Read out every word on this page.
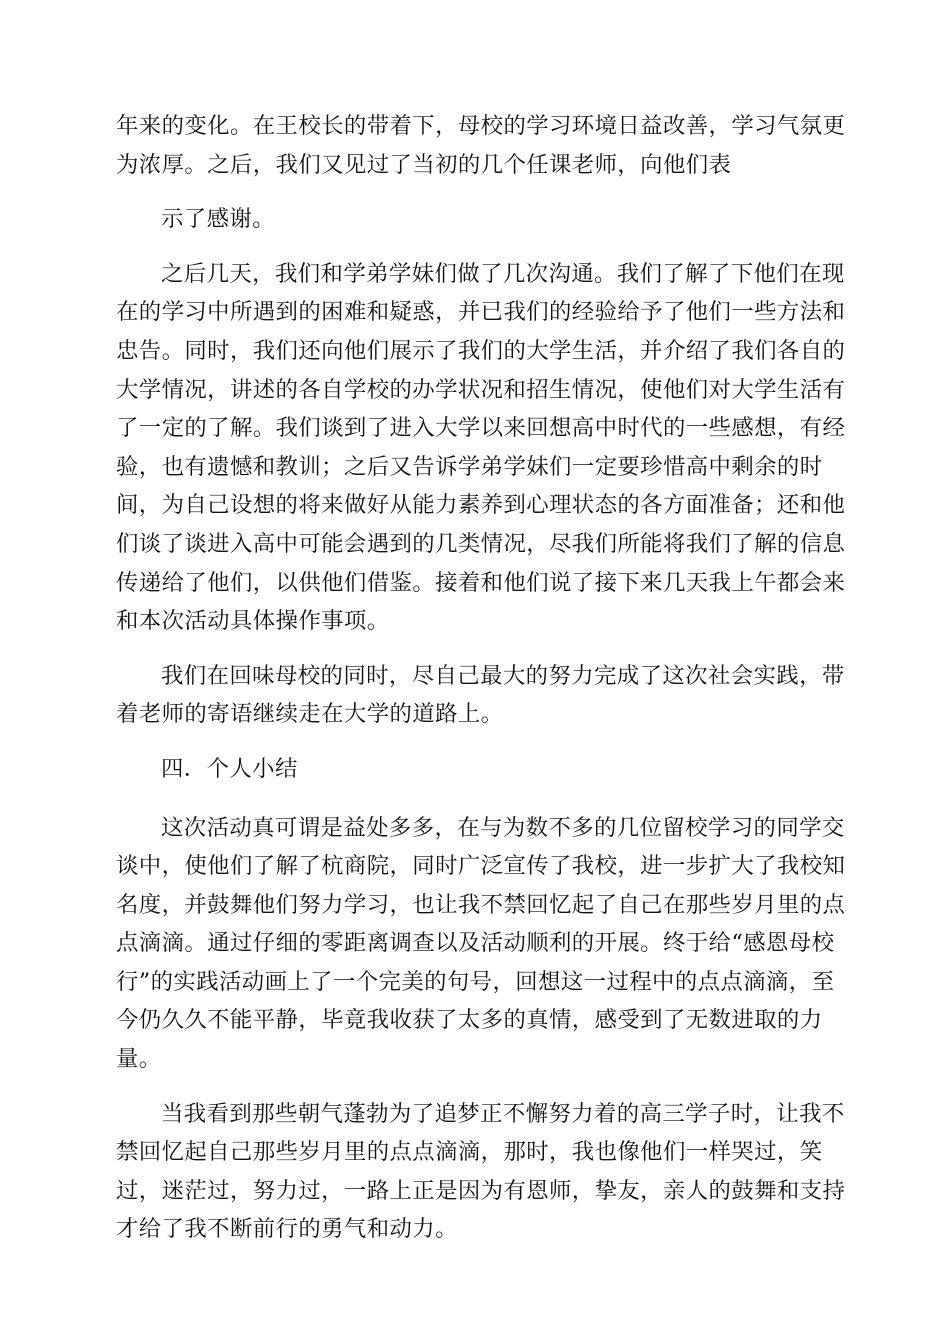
年来的变化。在王校长的带着下，母校的学习环境日益改善，学习气氛更
为浓厚。之后，我们又见过了当初的几个任课老师，向他们表
示了感谢。
之后几天，我们和学弟学妹们做了几次沟通。我们了解了下他们在现
在的学习中所遇到的困难和疑惑，并已我们的经验给予了他们一些方法和
忠告。同时，我们还向他们展示了我们的大学生活，并介绍了我们各自的
大学情况，讲述的各自学校的办学状况和招生情况，使他们对大学生活有
了一定的了解。我们谈到了进入大学以来回想高中时代的一些感想，有经
验，也有遗憾和教训；之后又告诉学弟学妹们一定要珍惜高中剩余的时
间，为自己设想的将来做好从能力素养到心理状态的各方面准备；还和他
们谈了谈进入高中可能会遇到的几类情况，尽我们所能将我们了解的信息
传递给了他们，以供他们借鉴。接着和他们说了接下来几天我上午都会来
和本次活动具体操作事项。
我们在回味母校的同时，尽自己最大的努力完成了这次社会实践，带
着老师的寄语继续走在大学的道路上。
四．个人小结
这次活动真可谓是益处多多，在与为数不多的几位留校学习的同学交
谈中，使他们了解了杭商院，同时广泛宣传了我校，进一步扩大了我校知
名度，并鼓舞他们努力学习，也让我不禁回忆起了自己在那些岁月里的点
点滴滴。通过仔细的零距离调查以及活动顺利的开展。终于给“感恩母校
行”的实践活动画上了一个完美的句号，回想这一过程中的点点滴滴，至
今仍久久不能平静，毕竟我收获了太多的真情，感受到了无数进取的力
量。
当我看到那些朝气蓬勃为了追梦正不懈努力着的高三学子时，让我不
禁回忆起自己那些岁月里的点点滴滴，那时，我也像他们一样哭过，笑
过，迷茫过，努力过，一路上正是因为有恩师，挚友，亲人的鼓舞和支持
才给了我不断前行的勇气和动力。
